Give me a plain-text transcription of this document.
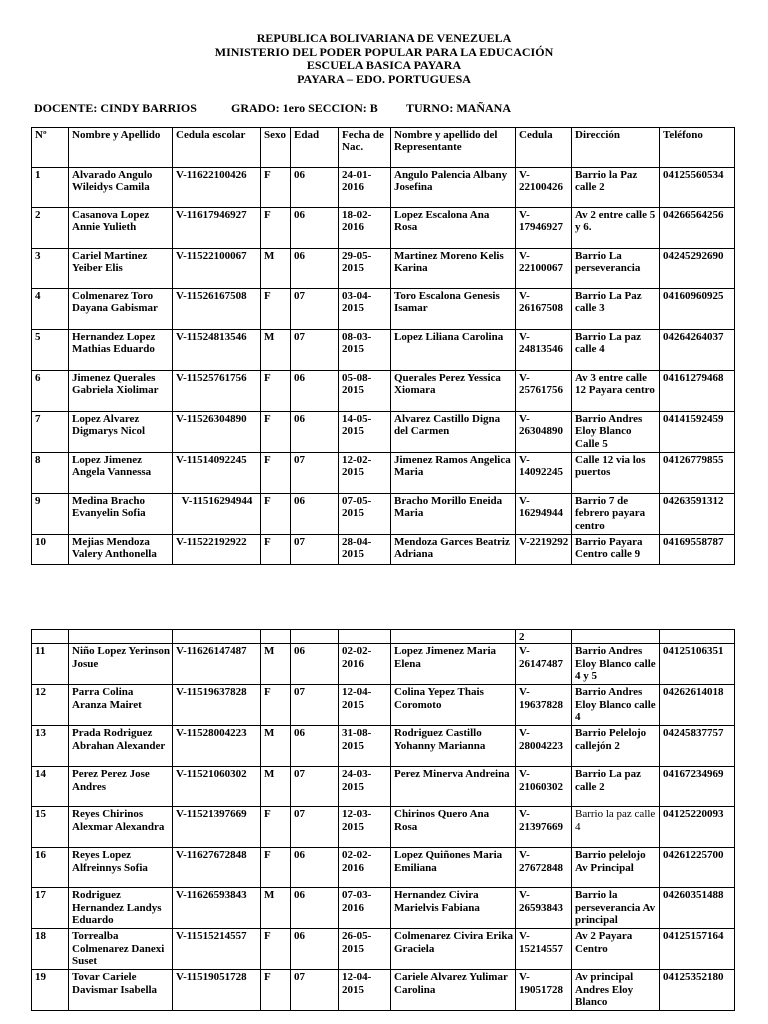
REPUBLICA BOLIVARIANA DE VENEZUELA
MINISTERIO DEL PODER POPULAR PARA LA EDUCACIÓN
ESCUELA BASICA PAYARA
PAYARA – EDO. PORTUGUESA
DOCENTE: CINDY BARRIOS	GRADO: 1ero SECCION: B TURNO: MAÑANA
Nº	Nombre y Apellido	Cedula escolar	Sexo	Edad	Fecha de Nac.	Nombre y apellido del Representante	Cedula	Dirección	Teléfono
1	Alvarado Angulo Wileidys Camila	V-11622100426	F	06	24-01-2016	Angulo Palencia Albany Josefina	V-22100426	Barrio la Paz calle 2	04125560534
2	Casanova Lopez Annie Yulieth	V-11617946927	F	06	18-02-2016	Lopez Escalona Ana Rosa	V-17946927	Av 2 entre calle 5 y 6.	04266564256
3	Cariel Martinez Yeiber Elis	V-11522100067	M	06	29-05-2015	Martinez Moreno Kelis Karina	V-22100067	Barrio La perseverancia	04245292690
4	Colmenarez Toro Dayana Gabismar	V-11526167508	F	07	03-04-2015	Toro Escalona Genesis Isamar	V-26167508	Barrio La Paz calle 3	04160960925
5	Hernandez Lopez Mathias Eduardo	V-11524813546	M	07	08-03-2015	Lopez Liliana Carolina	V-24813546	Barrio La paz calle 4	04264264037
6	Jimenez Querales Gabriela Xiolimar	V-11525761756	F	06	05-08-2015	Querales Perez Yessica Xiomara	V-25761756	Av 3 entre calle 12 Payara centro	04161279468
7	Lopez Alvarez Digmarys Nicol	V-11526304890	F	06	14-05-2015	Alvarez Castillo Digna del Carmen	V-26304890	Barrio Andres Eloy Blanco Calle 5	04141592459
8	Lopez Jimenez Angela Vannessa	V-11514092245	F	07	12-02-2015	Jimenez Ramos Angelica Maria	V-14092245	Calle 12 via los puertos	04126779855
9	Medina Bracho Evanyelin Sofia	V-11516294944	F	06	07-05-2015	Bracho Morillo Eneida Maria	V-16294944	Barrio 7 de febrero payara centro	04263591312
10	Mejias Mendoza Valery Anthonella	V-11522192922	F	07	28-04-2015	Mendoza Garces Beatriz Adriana	V-2219292	Barrio Payara Centro calle 9	04169558787
							2		
11	Niño Lopez Yerinson Josue	V-11626147487	M	06	02-02-2016	Lopez Jimenez Maria Elena	V-26147487	Barrio Andres Eloy Blanco calle 4 y 5	04125106351
12	Parra Colina Aranza Mairet	V-11519637828	F	07	12-04-2015	Colina Yepez Thais Coromoto	V-19637828	Barrio Andres Eloy Blanco calle 4	04262614018
13	Prada Rodriguez Abrahan Alexander	V-11528004223	M	06	31-08-2015	Rodriguez Castillo Yohanny Marianna	V-28004223	Barrio Pelelojo callejón 2	04245837757
14	Perez Perez Jose Andres	V-11521060302	M	07	24-03-2015	Perez Minerva Andreina	V-21060302	Barrio La paz calle 2	04167234969
15	Reyes Chirinos Alexmar Alexandra	V-11521397669	F	07	12-03-2015	Chirinos Quero Ana Rosa	V-21397669	Barrio la paz calle 4	04125220093
16	Reyes Lopez Alfreinnys Sofia	V-11627672848	F	06	02-02-2016	Lopez Quiñones Maria Emiliana	V-27672848	Barrio pelelojo Av Principal	04261225700
17	Rodriguez Hernandez Landys Eduardo	V-11626593843	M	06	07-03-2016	Hernandez Civira Marielvis Fabiana	V-26593843	Barrio la perseverancia Av principal	04260351488
18	Torrealba Colmenarez Danexi Suset	V-11515214557	F	06	26-05-2015	Colmenarez Civira Erika Graciela	V-15214557	Av 2 Payara Centro	04125157164
19	Tovar Cariele Davismar Isabella	V-11519051728	F	07	12-04-2015	Cariele Alvarez Yulimar Carolina	V-19051728	Av principal Andres Eloy Blanco	04125352180
